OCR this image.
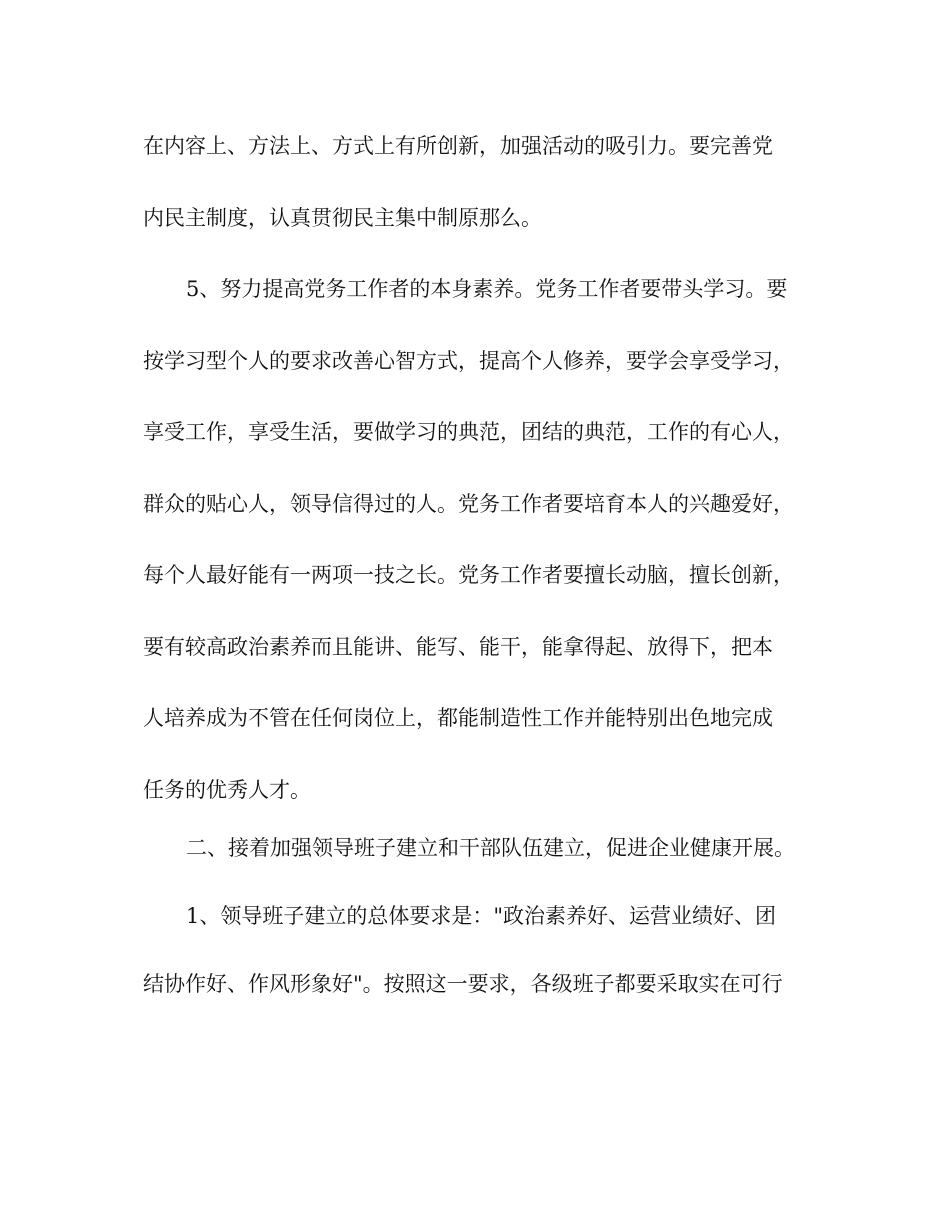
在内容上、方法上、方式上有所创新，加强活动的吸引力。要完善党
内民主制度，认真贯彻民主集中制原那么。
5、努力提高党务工作者的本身素养。党务工作者要带头学习。要
按学习型个人的要求改善心智方式，提高个人修养，要学会享受学习，
享受工作，享受生活，要做学习的典范，团结的典范，工作的有心人，
群众的贴心人，领导信得过的人。党务工作者要培育本人的兴趣爱好，
每个人最好能有一两项一技之长。党务工作者要擅长动脑，擅长创新，
要有较高政治素养而且能讲、能写、能干，能拿得起、放得下，把本
人培养成为不管在任何岗位上，都能制造性工作并能特别出色地完成
任务的优秀人才。
二、接着加强领导班子建立和干部队伍建立，促进企业健康开展。
1、领导班子建立的总体要求是："政治素养好、运营业绩好、团
结协作好、作风形象好"。按照这一要求，各级班子都要采取实在可行
